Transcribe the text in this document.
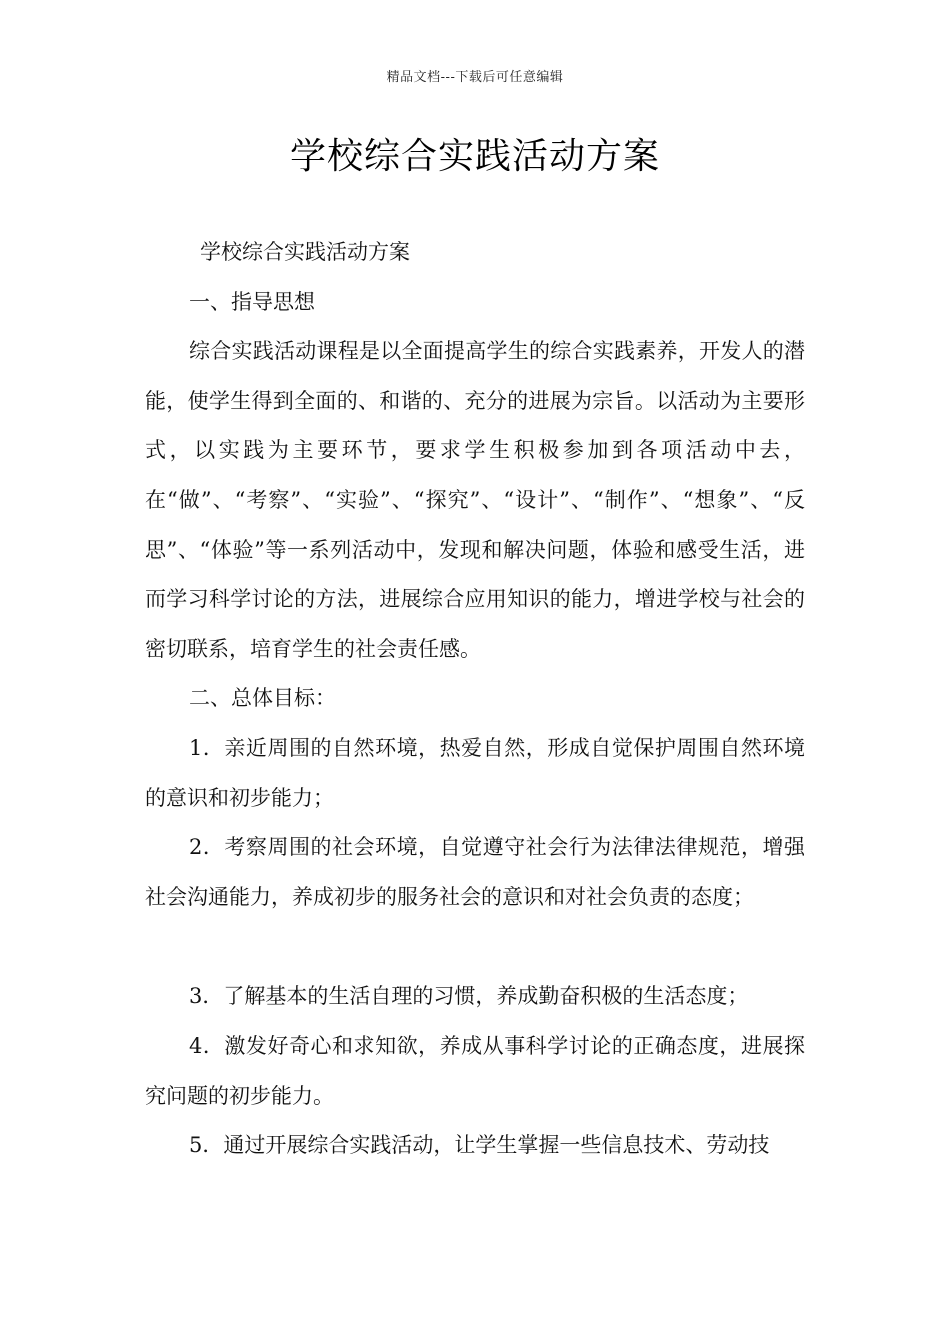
精品文档---下载后可任意编辑
学校综合实践活动方案

学校综合实践活动方案

一、指导思想

综合实践活动课程是以全面提高学生的综合实践素养，开发人的潜能，使学生得到全面的、和谐的、充分的进展为宗旨。以活动为主要形式，以实践为主要环节，要求学生积极参加到各项活动中去，在“做”、“考察”、“实验”、“探究”、“设计”、“制作”、“想象”、“反思”、“体验”等一系列活动中，发现和解决问题，体验和感受生活，进而学习科学讨论的方法，进展综合应用知识的能力，增进学校与社会的密切联系，培育学生的社会责任感。

二、总体目标：

1．亲近周围的自然环境，热爱自然，形成自觉保护周围自然环境的意识和初步能力；

2．考察周围的社会环境，自觉遵守社会行为法律法律规范，增强社会沟通能力，养成初步的服务社会的意识和对社会负责的态度；

3．了解基本的生活自理的习惯，养成勤奋积极的生活态度；

4．激发好奇心和求知欲，养成从事科学讨论的正确态度，进展探究问题的初步能力。

5．通过开展综合实践活动，让学生掌握一些信息技术、劳动技
